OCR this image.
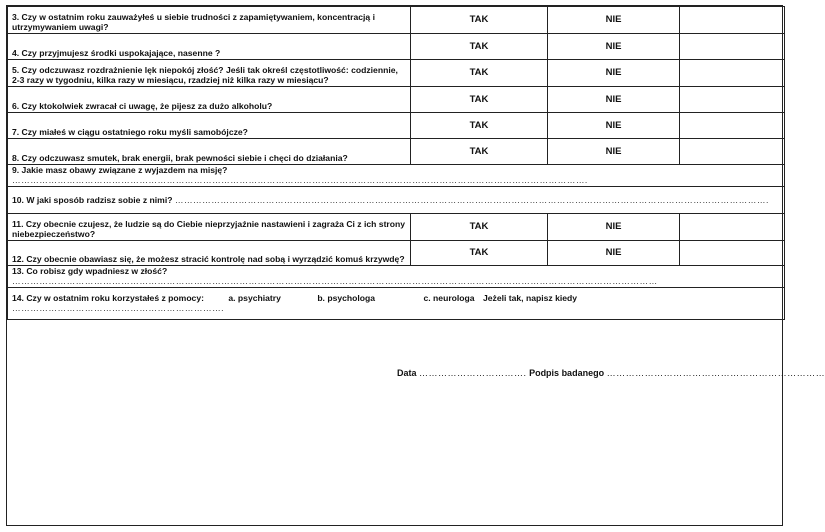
3. Czy w ostatnim roku zauważyłeś u siebie trudności z zapamiętywaniem, koncentracją i utrzymywaniem uwagi?	TAK	NIE	
4. Czy przyjmujesz środki uspokajające, nasenne ?	TAK	NIE	
5. Czy odczuwasz rozdrażnienie lęk niepokój złość? Jeśli tak określ częstotliwość: codziennie, 2-3 razy w tygodniu, kilka razy w miesiącu, rzadziej niż kilka razy w miesiącu?	TAK	NIE	
6. Czy ktokolwiek zwracał ci uwagę, że pijesz za dużo alkoholu?	TAK	NIE	
7. Czy miałeś w ciągu ostatniego roku myśli samobójcze?	TAK	NIE	
8. Czy odczuwasz smutek, brak energii, brak pewności siebie i chęci do działania?	TAK	NIE	
9. Jakie masz obawy związane z wyjazdem na misję? ……………………………………………………………………………………………………………………………………………………………………….			
10. W jaki sposób radzisz sobie z nimi? …………………………………………………………………………………………………………………………………………………………………………….			
11. Czy obecnie czujesz, że ludzie są do Ciebie nieprzyjaźnie nastawieni i zagraża Ci z ich strony niebezpieczeństwo?	TAK	NIE	
12. Czy obecnie obawiasz się, że możesz stracić kontrolę nad sobą i wyrządzić komuś krzywdę?	TAK	NIE	
13. Co robisz gdy wpadniesz w złość? ……………………………………………………………………………………………………………………………………………………………………………………………			
14. Czy w ostatnim roku korzystałeś z pomocy: a. psychiatry b. psychologa c. neurologa Jeżeli tak, napisz kiedy …………………………………………………………….			
Data ……………………………. Podpis badanego ……………………………………………………………
